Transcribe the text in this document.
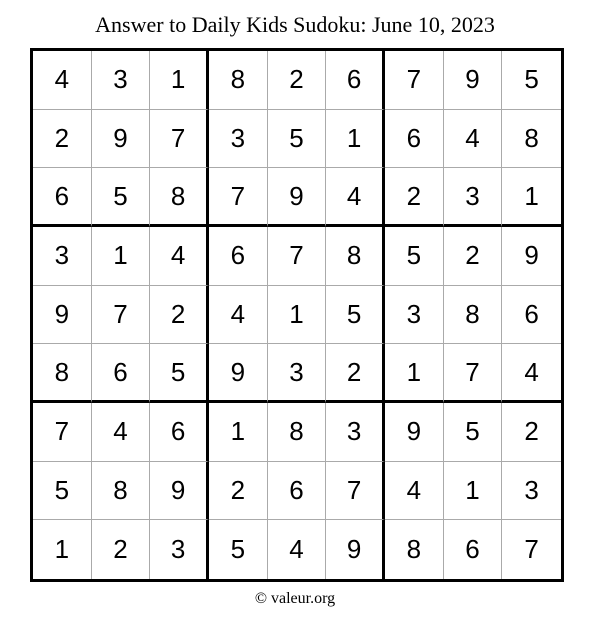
Answer to Daily Kids Sudoku: June 10, 2023
4	3	1	8	2	6	7	9	5
2	9	7	3	5	1	6	4	8
6	5	8	7	9	4	2	3	1
3	1	4	6	7	8	5	2	9
9	7	2	4	1	5	3	8	6
8	6	5	9	3	2	1	7	4
7	4	6	1	8	3	9	5	2
5	8	9	2	6	7	4	1	3
1	2	3	5	4	9	8	6	7
© valeur.org
